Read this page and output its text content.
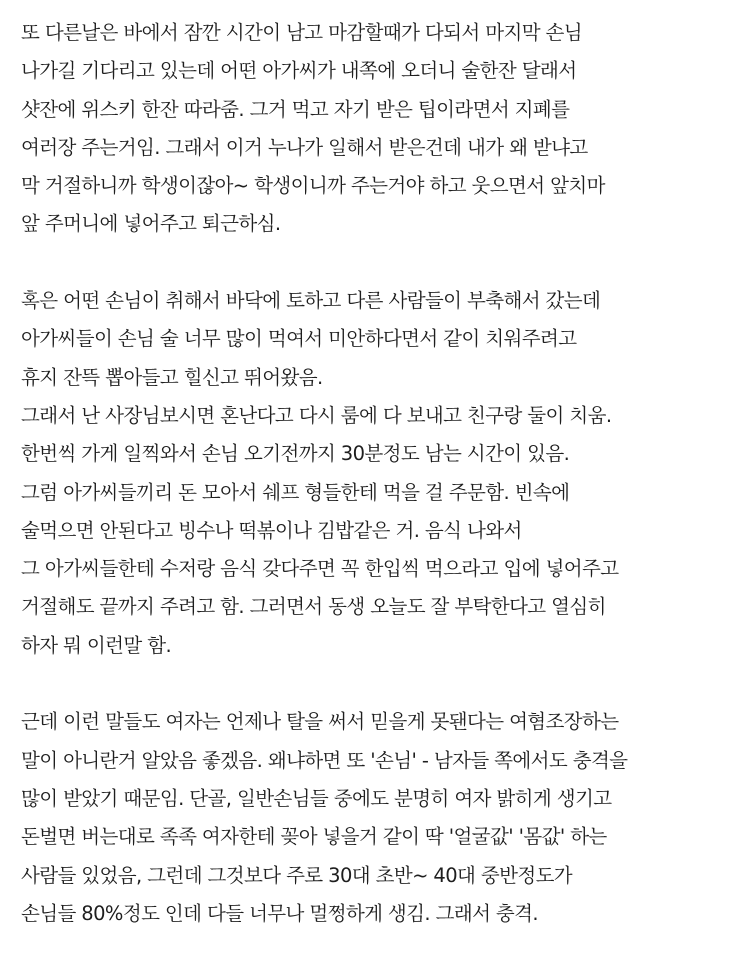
또 다른날은 바에서 잠깐 시간이 남고 마감할때가 다되서 마지막 손님
나가길 기다리고 있는데 어떤 아가씨가 내쪽에 오더니 술한잔 달래서
샷잔에 위스키 한잔 따라줌. 그거 먹고 자기 받은 팁이라면서 지폐를
여러장 주는거임. 그래서 이거 누나가 일해서 받은건데 내가 왜 받냐고
막 거절하니까 학생이잖아~ 학생이니까 주는거야 하고 웃으면서 앞치마
앞 주머니에 넣어주고 퇴근하심.
혹은 어떤 손님이 취해서 바닥에 토하고 다른 사람들이 부축해서 갔는데
아가씨들이 손님 술 너무 많이 먹여서 미안하다면서 같이 치워주려고
휴지 잔뜩 뽑아들고 힐신고 뛰어왔음.
그래서 난 사장님보시면 혼난다고 다시 룸에 다 보내고 친구랑 둘이 치움.
한번씩 가게 일찍와서 손님 오기전까지 30분정도 남는 시간이 있음.
그럼 아가씨들끼리 돈 모아서 쉐프 형들한테 먹을 걸 주문함. 빈속에
술먹으면 안된다고 빙수나 떡볶이나 김밥같은 거. 음식 나와서
그 아가씨들한테 수저랑 음식 갖다주면 꼭 한입씩 먹으라고 입에 넣어주고
거절해도 끝까지 주려고 함. 그러면서 동생 오늘도 잘 부탁한다고 열심히
하자 뭐 이런말 함.
근데 이런 말들도 여자는 언제나 탈을 써서 믿을게 못됀다는 여혐조장하는
말이 아니란거 알았음 좋겠음. 왜냐하면 또 '손님' - 남자들 쪽에서도 충격을
많이 받았기 때문임. 단골, 일반손님들 중에도 분명히 여자 밝히게 생기고
돈벌면 버는대로 족족 여자한테 꽂아 넣을거 같이 딱 '얼굴값' '몸값' 하는
사람들 있었음, 그런데 그것보다 주로 30대 초반~ 40대 중반정도가
손님들 80%정도 인데 다들 너무나 멀쩡하게 생김. 그래서 충격.
